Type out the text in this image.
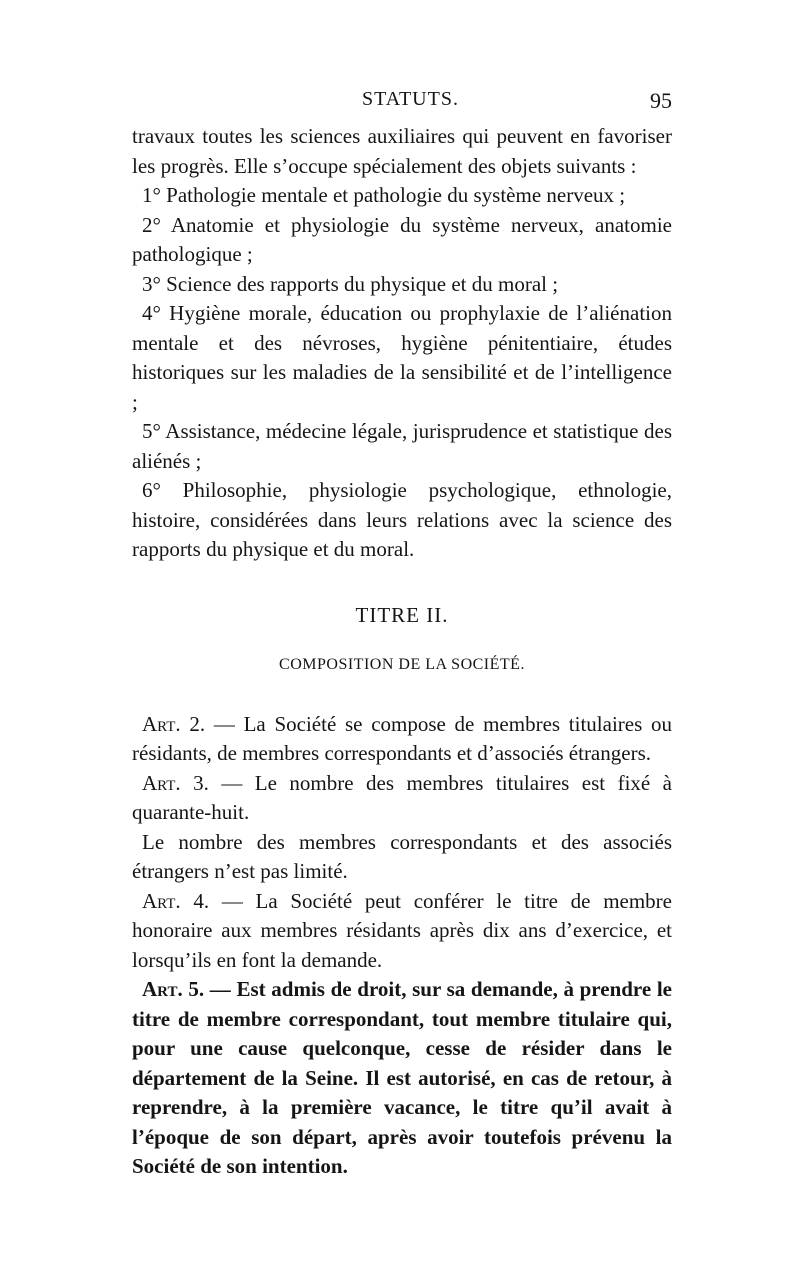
STATUTS.	95

travaux toutes les sciences auxiliaires qui peuvent en favoriser les progrès. Elle s’occupe spécialement des objets suivants :

1° Pathologie mentale et pathologie du système nerveux ;

2° Anatomie et physiologie du système nerveux, anatomie pathologique ;

3° Science des rapports du physique et du moral ;

4° Hygiène morale, éducation ou prophylaxie de l’aliénation mentale et des névroses, hygiène pénitentiaire, études historiques sur les maladies de la sensibilité et de l’intelligence ;

5° Assistance, médecine légale, jurisprudence et statistique des aliénés ;

6° Philosophie, physiologie psychologique, ethnologie, histoire, considérées dans leurs relations avec la science des rapports du physique et du moral.

TITRE II.
COMPOSITION DE LA SOCIÉTÉ.

Art. 2. — La Société se compose de membres titulaires ou résidants, de membres correspondants et d’associés étrangers.

Art. 3. — Le nombre des membres titulaires est fixé à quarante-huit.

Le nombre des membres correspondants et des associés étrangers n’est pas limité.

Art. 4. — La Société peut conférer le titre de membre honoraire aux membres résidants après dix ans d’exercice, et lorsqu’ils en font la demande.

Art. 5. — Est admis de droit, sur sa demande, à prendre le titre de membre correspondant, tout membre titulaire qui, pour une cause quelconque, cesse de résider dans le département de la Seine. Il est autorisé, en cas de retour, à reprendre, à la première vacance, le titre qu’il avait à l’époque de son départ, après avoir toutefois prévenu la Société de son intention.
